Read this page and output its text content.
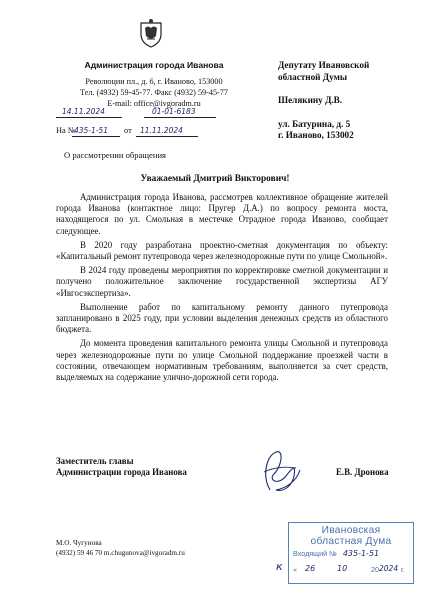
Администрация города Иванова
Революции пл., д. 6, г. Иваново, 153000
Тел. (4932) 59-45-77. Факс (4932) 59-45-77
E-mail: office@ivgoradm.ru
14.11.2024	01-01-6183
На №
435-1-51 от 11.11.2024
О рассмотрении обращения
Депутату Ивановской
областной Думы
Шелякину Д.В.
ул. Батурина, д. 5
г. Иваново, 153002
Уважаемый Дмитрий Викторович!

Администрация города Иванова, рассмотрев коллективное обращение жителей города Иванова (контактное лицо: Пругер Д.А.) по вопросу ремонта моста, находящегося по ул. Смольная в местечке Отрадное города Иваново, сообщает следующее.

В 2020 году разработана проектно-сметная документация по объекту: «Капитальный ремонт путепровода через железнодорожные пути по улице Смольной».

В 2024 году проведены мероприятия по корректировке сметной документации и получено положительное заключение государственной экспертизы АГУ «Ивгосэкспертиза».

Выполнение работ по капитальному ремонту данного путепровода запланировано в 2025 году, при условии выделения денежных средств из областного бюджета.

До момента проведения капитального ремонта улицы Смольной и путепровода через железнодорожные пути по улице Смольной поддержание проезжей части в состоянии, отвечающем нормативным требованиям, выполняется за счет средств, выделяемых на содержание улично-дорожной сети города.

Заместитель главы
Администрации города Иванова	Е.В. Дронова
М.О. Чугунова
(4932) 59 46 70 m.chugunova@ivgoradm.ru
Ивановская
областная Дума
Входящий № 435-1-51
« 26	10	20 2024 г.
к
